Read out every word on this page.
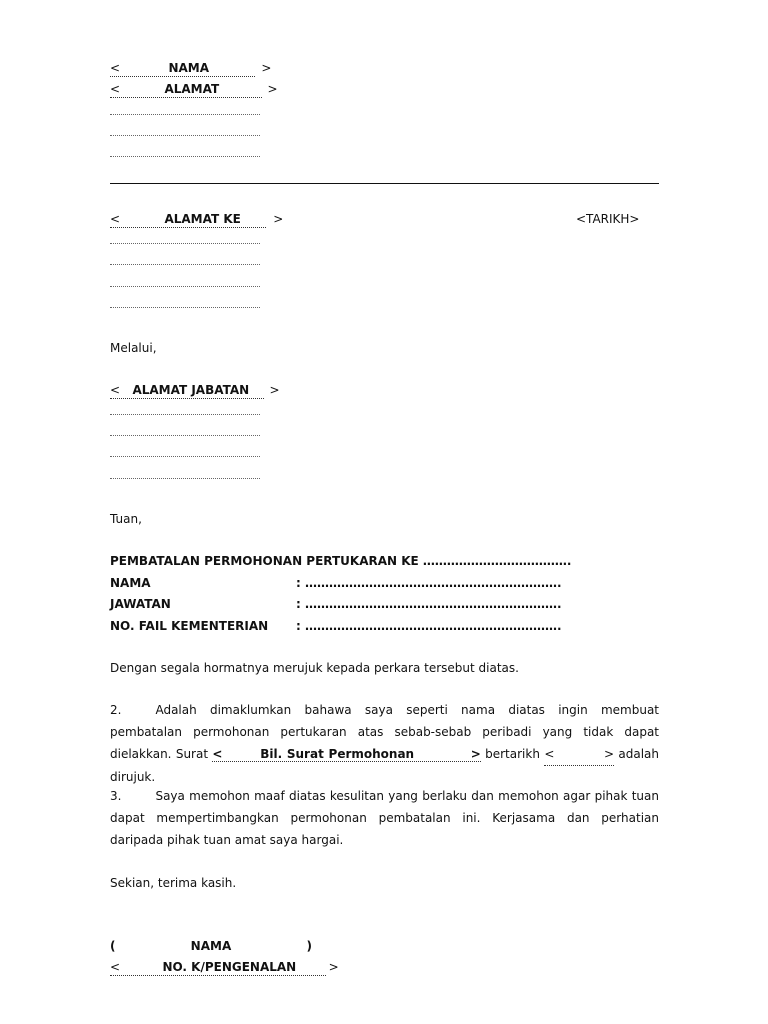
<	NAMA	>
<	ALAMAT	>
<	ALAMAT KE	>	<TARIKH>
Melalui,
< ALAMAT JABATAN >
Tuan,
PEMBATALAN PERMOHONAN PERTUKARAN KE ……………………………….
NAMA	: ……………………………………………………….
JAWATAN	: ……………………………………………………….
NO. FAIL KEMENTERIAN : ……………………………………………………….
Dengan segala hormatnya merujuk kepada perkara tersebut diatas.
2.	Adalah dimaklumkan bahawa saya seperti nama diatas ingin membuat pembatalan permohonan pertukaran atas sebab-sebab peribadi yang tidak dapat dielakkan. Surat <	Bil. Surat Permohonan	> bertarikh <             > adalah dirujuk.
3.	Saya memohon maaf diatas kesulitan yang berlaku dan memohon agar pihak tuan dapat mempertimbangkan permohonan pembatalan ini. Kerjasama dan perhatian daripada pihak tuan amat saya hargai.
Sekian, terima kasih.
(                  NAMA                  )
<	NO. K/PENGENALAN	>
